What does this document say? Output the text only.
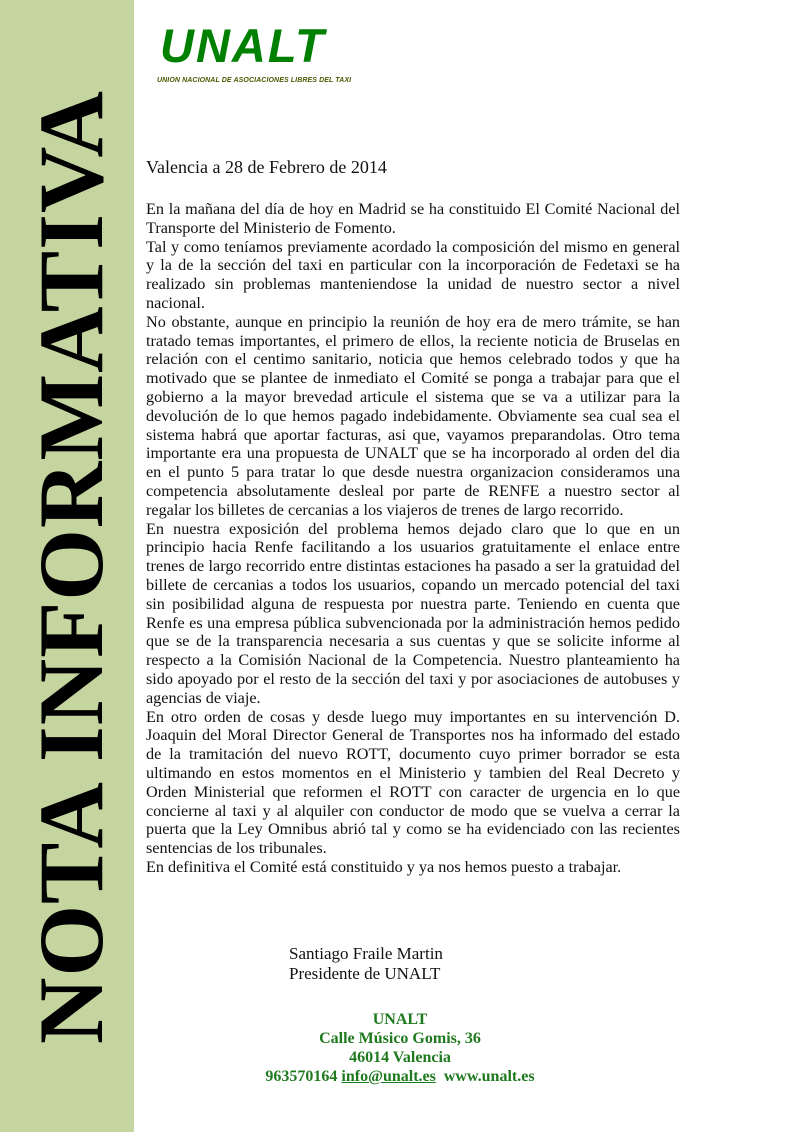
NOTA INFORMATIVA
UNALT
UNION NACIONAL DE ASOCIACIONES LIBRES DEL TAXI
Valencia a 28 de Febrero de 2014

En la mañana del día de hoy en Madrid se ha constituido El Comité Nacional del Transporte del Ministerio de Fomento.

Tal y como teníamos previamente acordado la composición del mismo en general y la de la sección del taxi en particular con la incorporación de Fedetaxi se ha realizado sin problemas manteniendose la unidad de nuestro sector a nivel nacional.

No obstante, aunque en principio la reunión de hoy era de mero trámite, se han tratado temas importantes, el primero de ellos, la reciente noticia de Bruselas en relación con el centimo sanitario, noticia que hemos celebrado todos y que ha motivado que se plantee de inmediato el Comité se ponga a trabajar para que el gobierno a la mayor brevedad articule el sistema que se va a utilizar para la devolución de lo que hemos pagado indebidamente. Obviamente sea cual sea el sistema habrá que aportar facturas, asi que, vayamos preparandolas. Otro tema importante era una propuesta de UNALT que se ha incorporado al orden del dia en el punto 5 para tratar lo que desde nuestra organizacion consideramos una competencia absolutamente desleal por parte de RENFE a nuestro sector al regalar los billetes de cercanias a los viajeros de trenes de largo recorrido.

En nuestra exposición del problema hemos dejado claro que lo que en un principio hacia Renfe facilitando a los usuarios gratuitamente el enlace entre trenes de largo recorrido entre distintas estaciones ha pasado a ser la gratuidad del billete de cercanias a todos los usuarios, copando un mercado potencial del taxi sin posibilidad alguna de respuesta por nuestra parte. Teniendo en cuenta que Renfe es una empresa pública subvencionada por la administración hemos pedido que se de la transparencia necesaria a sus cuentas y que se solicite informe al respecto a la Comisión Nacional de la Competencia. Nuestro planteamiento ha sido apoyado por el resto de la sección del taxi y por asociaciones de autobuses y agencias de viaje.

En otro orden de cosas y desde luego muy importantes en su intervención D. Joaquin del Moral Director General de Transportes nos ha informado del estado de la tramitación del nuevo ROTT, documento cuyo primer borrador se esta ultimando en estos momentos en el Ministerio y tambien del Real Decreto y Orden Ministerial que reformen el ROTT con caracter de urgencia en lo que concierne al taxi y al alquiler con conductor de modo que se vuelva a cerrar la puerta que la Ley Omnibus abrió tal y como se ha evidenciado con las recientes sentencias de los tribunales.

En definitiva el Comité está constituido y ya nos hemos puesto a trabajar.

Santiago Fraile Martin
Presidente de UNALT
UNALT
Calle Músico Gomis, 36
46014 Valencia
963570164 info@unalt.es www.unalt.es
